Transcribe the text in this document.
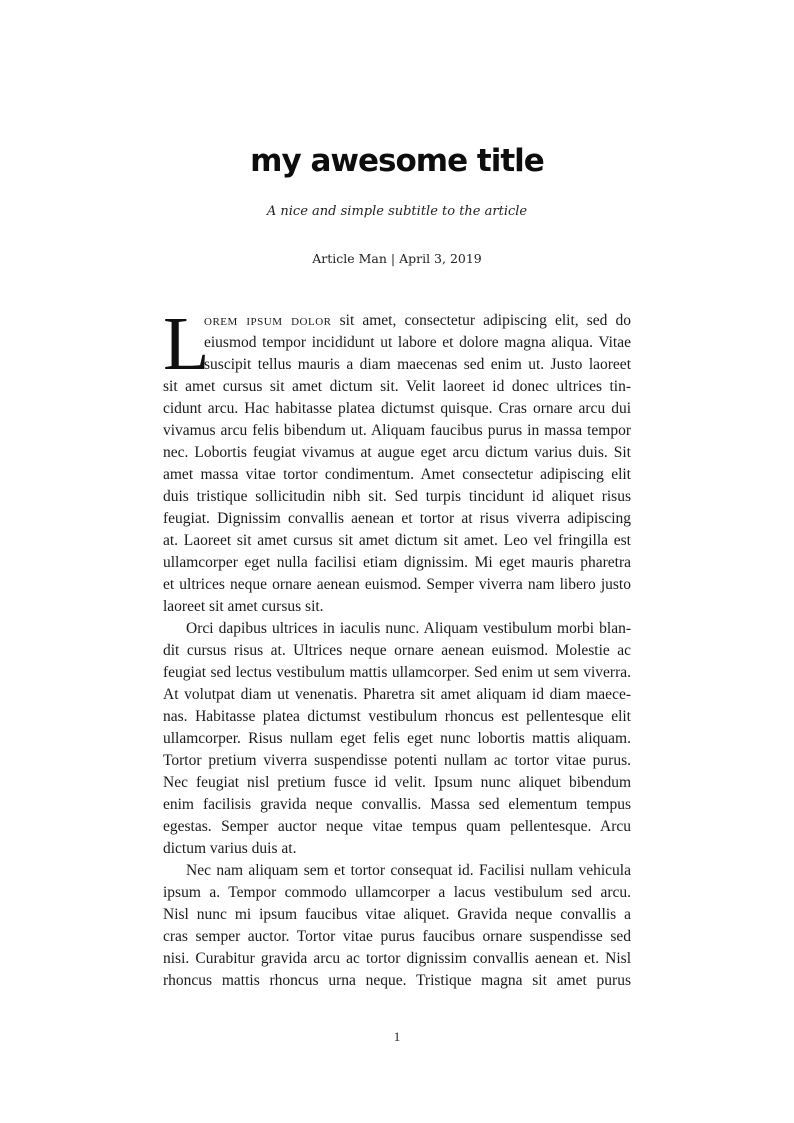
my awesome title
A nice and simple subtitle to the article
Article Man | April 3, 2019
L
orem ipsum dolor sit amet, consectetur adipiscing elit, sed do
eiusmod tempor incididunt ut labore et dolore magna aliqua. Vitae
suscipit tellus mauris a diam maecenas sed enim ut. Justo laoreet
sit amet cursus sit amet dictum sit. Velit laoreet id donec ultrices tin-
cidunt arcu. Hac habitasse platea dictumst quisque. Cras ornare arcu dui
vivamus arcu felis bibendum ut. Aliquam faucibus purus in massa tempor
nec. Lobortis feugiat vivamus at augue eget arcu dictum varius duis. Sit
amet massa vitae tortor condimentum. Amet consectetur adipiscing elit
duis tristique sollicitudin nibh sit. Sed turpis tincidunt id aliquet risus
feugiat. Dignissim convallis aenean et tortor at risus viverra adipiscing
at. Laoreet sit amet cursus sit amet dictum sit amet. Leo vel fringilla est
ullamcorper eget nulla facilisi etiam dignissim. Mi eget mauris pharetra
et ultrices neque ornare aenean euismod. Semper viverra nam libero justo
laoreet sit amet cursus sit.
Orci dapibus ultrices in iaculis nunc. Aliquam vestibulum morbi blan-
dit cursus risus at. Ultrices neque ornare aenean euismod. Molestie ac
feugiat sed lectus vestibulum mattis ullamcorper. Sed enim ut sem viverra.
At volutpat diam ut venenatis. Pharetra sit amet aliquam id diam maece-
nas. Habitasse platea dictumst vestibulum rhoncus est pellentesque elit
ullamcorper. Risus nullam eget felis eget nunc lobortis mattis aliquam.
Tortor pretium viverra suspendisse potenti nullam ac tortor vitae purus.
Nec feugiat nisl pretium fusce id velit. Ipsum nunc aliquet bibendum
enim facilisis gravida neque convallis. Massa sed elementum tempus
egestas. Semper auctor neque vitae tempus quam pellentesque. Arcu
dictum varius duis at.
Nec nam aliquam sem et tortor consequat id. Facilisi nullam vehicula
ipsum a. Tempor commodo ullamcorper a lacus vestibulum sed arcu.
Nisl nunc mi ipsum faucibus vitae aliquet. Gravida neque convallis a
cras semper auctor. Tortor vitae purus faucibus ornare suspendisse sed
nisi. Curabitur gravida arcu ac tortor dignissim convallis aenean et. Nisl
rhoncus mattis rhoncus urna neque. Tristique magna sit amet purus
1
